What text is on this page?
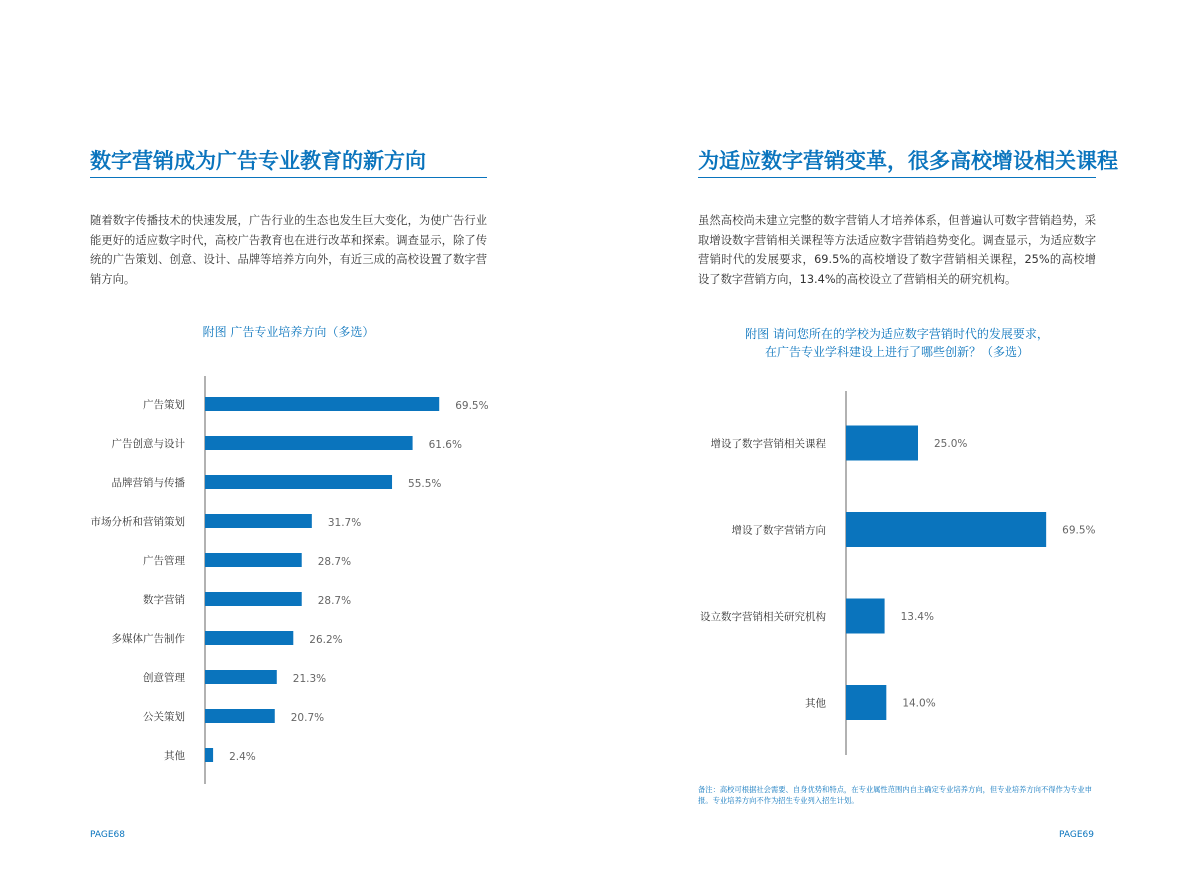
数字营销成为广告专业教育的新方向

随着数字传播技术的快速发展，广告行业的生态也发生巨大变化，为使广告行业能更好的适应数字时代，高校广告教育也在进行改革和探索。调查显示，除了传统的广告策划、创意、设计、品牌等培养方向外，有近三成的高校设置了数字营销方向。

附图 广告专业培养方向（多选）
广告策划	69.5%
广告创意与设计	61.6%
品牌营销与传播	55.5%
市场分析和营销策划	31.7%
广告管理	28.7%
数字营销	28.7%
多媒体广告制作	26.2%
创意管理	21.3%
公关策划	20.7%
其他	2.4%
PAGE68
为适应数字营销变革，很多高校增设相关课程

虽然高校尚未建立完整的数字营销人才培养体系，但普遍认可数字营销趋势，采取增设数字营销相关课程等方法适应数字营销趋势变化。调查显示，为适应数字营销时代的发展要求，69.5%的高校增设了数字营销相关课程，25%的高校增设了数字营销方向，13.4%的高校设立了营销相关的研究机构。

附图 请问您所在的学校为适应数字营销时代的发展要求，
在广告专业学科建设上进行了哪些创新？（多选）
增设了数字营销相关课程	25.0%
增设了数字营销方向	69.5%
设立数字营销相关研究机构	13.4%
其他	14.0%

备注：高校可根据社会需要、自身优势和特点，在专业属性范围内自主确定专业培养方向，但专业培养方向不得作为专业申报。专业培养方向不作为招生专业列入招生计划。

PAGE69
